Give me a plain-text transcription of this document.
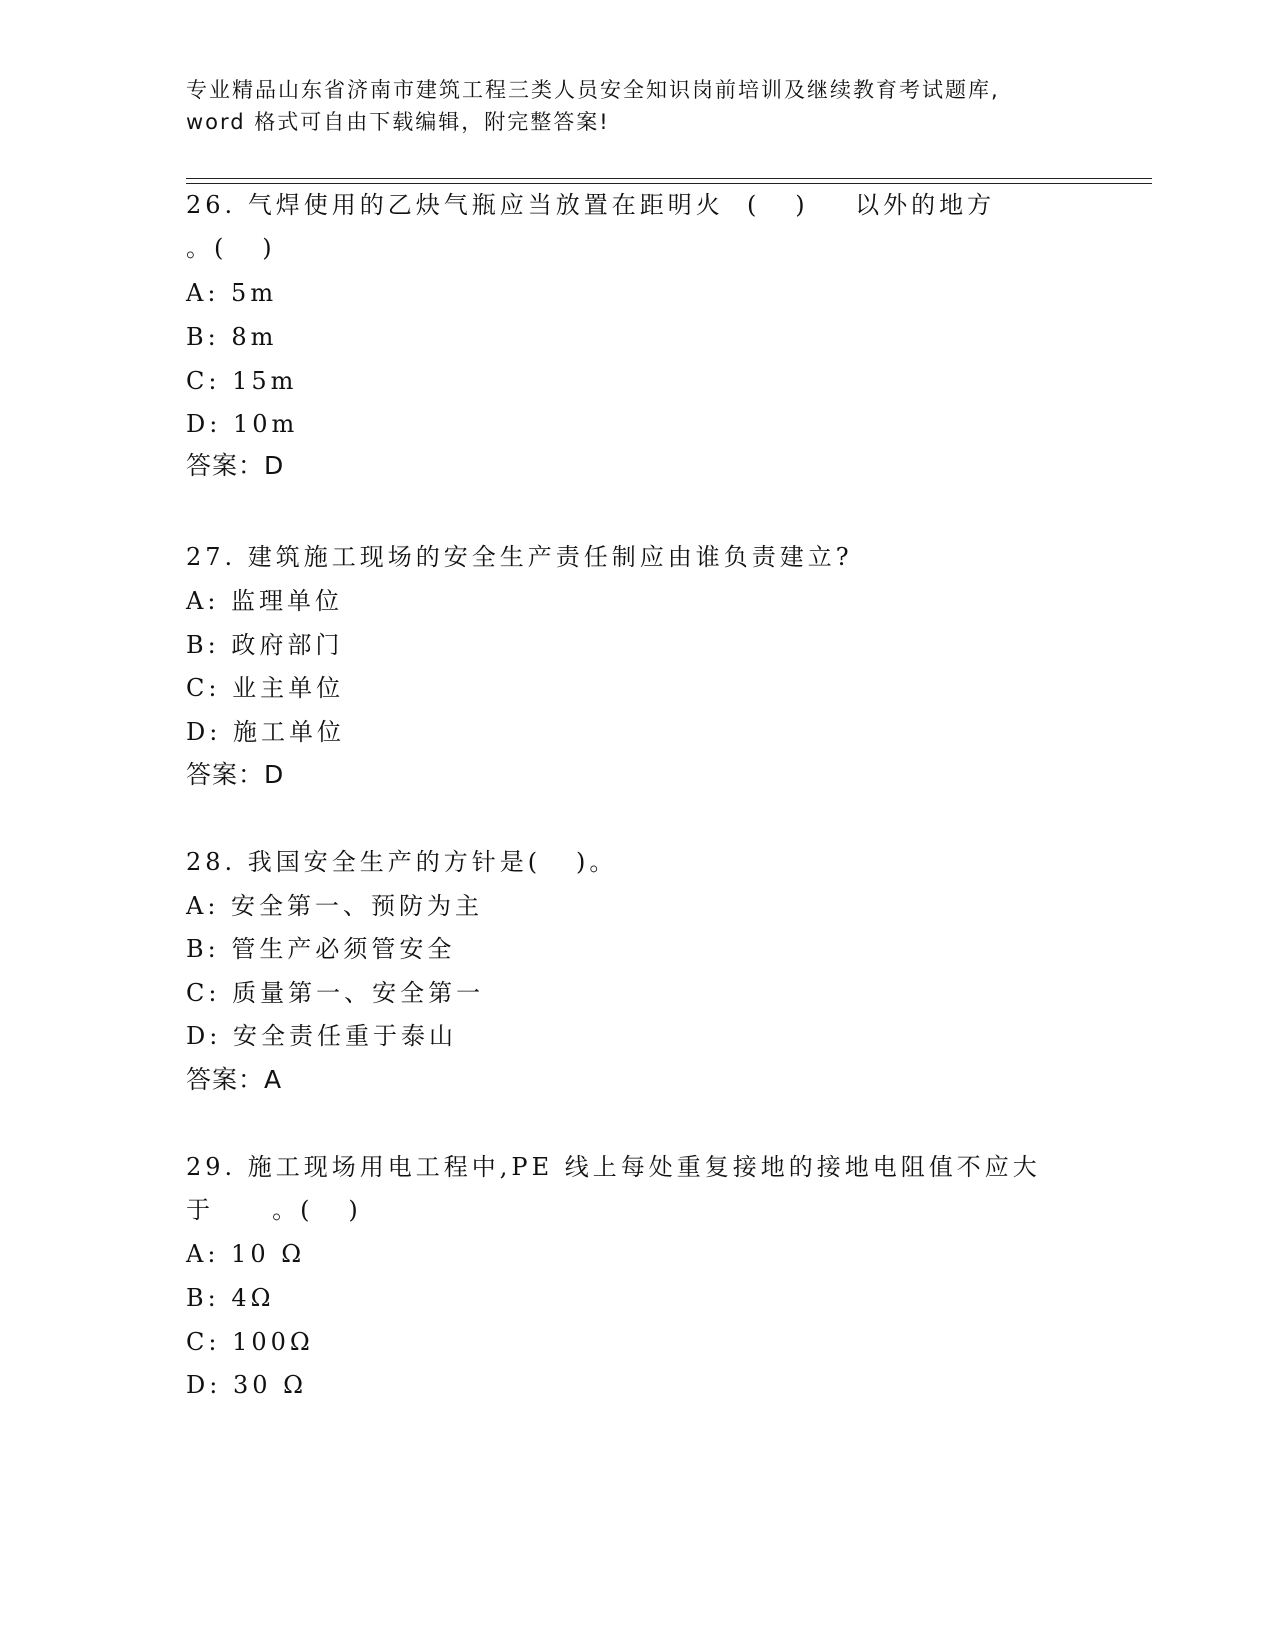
专业精品山东省济南市建筑工程三类人员安全知识岗前培训及继续教育考试题库,
word 格式可自由下载编辑，附完整答案!
26. 气焊使用的乙炔气瓶应当放置在距明火  (   )    以外的地方
。(   )
A: 5m
B: 8m
C: 15m
D: 10m
答案：D
27. 建筑施工现场的安全生产责任制应由谁负责建立?
A: 监理单位
B: 政府部门
C: 业主单位
D: 施工单位
答案：D
28. 我国安全生产的方针是(   )。
A: 安全第一、预防为主
B: 管生产必须管安全
C: 质量第一、安全第一
D: 安全责任重于泰山
答案：A
29. 施工现场用电工程中,PE 线上每处重复接地的接地电阻值不应大
于     。(   )
A: 10 Ω
B: 4Ω
C: 100Ω
D: 30 Ω
